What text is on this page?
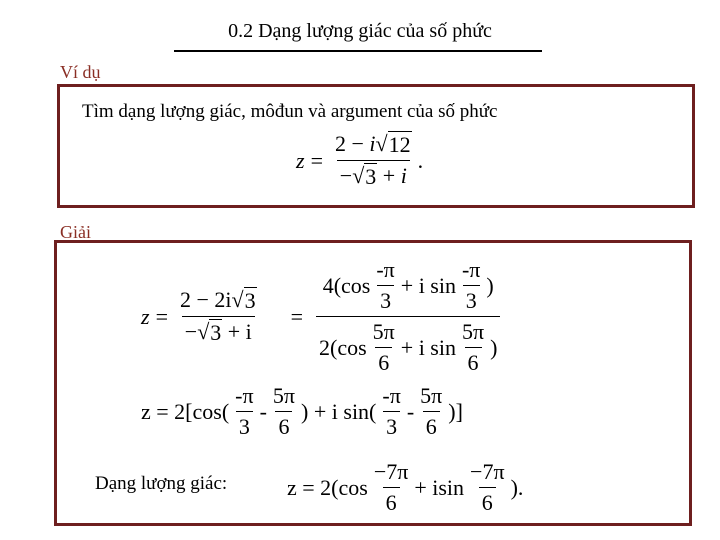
0.2 Dạng lượng giác của số phức
Ví dụ
Tìm dạng lượng giác, môđun và argument của số phức
$z = \frac{2 - i √ 12}{- √ 3 + i}$ .
Giải
$z = \frac{2 - 2i √ 3}{- √ 3 + i} = \frac{4(\cos \frac{-\pi}{3} + i \sin \frac{-\pi}{3} )}{2(\cos \frac{5\pi}{6} + i \sin \frac{5\pi}{6} )}$
$z = 2[\cos( \frac{-\pi}{3} - \frac{5\pi}{6}$ ) + i $\sin( \frac{-\pi}{3} - \frac{5\pi}{6}$ )]
Dạng lượng giác:	$z = 2(\cos \frac{-7\pi}{6} + isin \frac{-7\pi}{6}$ ).
